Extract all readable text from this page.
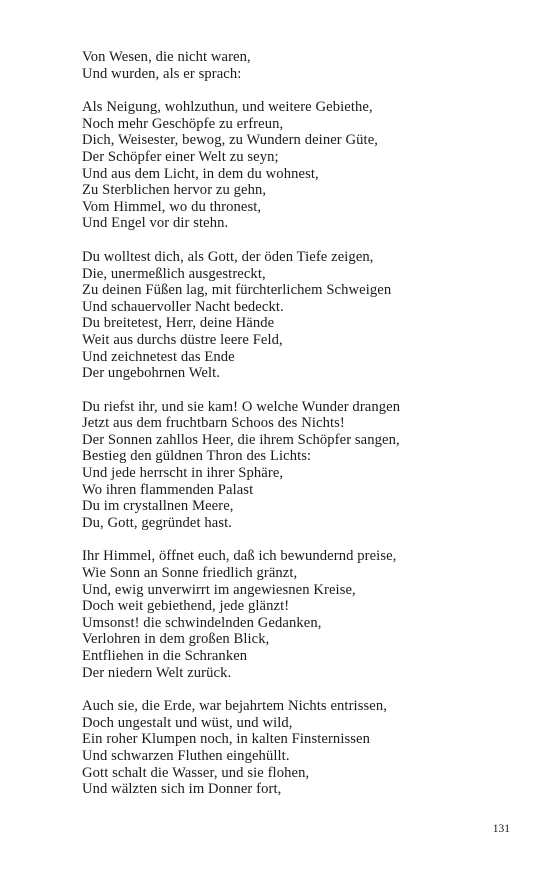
Von Wesen, die nicht waren,
Und wurden, als er sprach:
Als Neigung, wohlzuthun, und weitere Gebiethe,
Noch mehr Geschöpfe zu erfreun,
Dich, Weisester, bewog, zu Wundern deiner Güte,
Der Schöpfer einer Welt zu seyn;
Und aus dem Licht, in dem du wohnest,
Zu Sterblichen hervor zu gehn,
Vom Himmel, wo du thronest,
Und Engel vor dir stehn.
Du wolltest dich, als Gott, der öden Tiefe zeigen,
Die, unermeßlich ausgestreckt,
Zu deinen Füßen lag, mit fürchterlichem Schweigen
Und schauervoller Nacht bedeckt.
Du breitetest, Herr, deine Hände
Weit aus durchs düstre leere Feld,
Und zeichnetest das Ende
Der ungebohrnen Welt.
Du riefst ihr, und sie kam! O welche Wunder drangen
Jetzt aus dem fruchtbarn Schoos des Nichts!
Der Sonnen zahllos Heer, die ihrem Schöpfer sangen,
Bestieg den güldnen Thron des Lichts:
Und jede herrscht in ihrer Sphäre,
Wo ihren flammenden Palast
Du im crystallnen Meere,
Du, Gott, gegründet hast.
Ihr Himmel, öffnet euch, daß ich bewundernd preise,
Wie Sonn an Sonne friedlich gränzt,
Und, ewig unverwirrt im angewiesnen Kreise,
Doch weit gebiethend, jede glänzt!
Umsonst! die schwindelnden Gedanken,
Verlohren in dem großen Blick,
Entfliehen in die Schranken
Der niedern Welt zurück.
Auch sie, die Erde, war bejahrtem Nichts entrissen,
Doch ungestalt und wüst, und wild,
Ein roher Klumpen noch, in kalten Finsternissen
Und schwarzen Fluthen eingehüllt.
Gott schalt die Wasser, und sie flohen,
Und wälzten sich im Donner fort,
131
